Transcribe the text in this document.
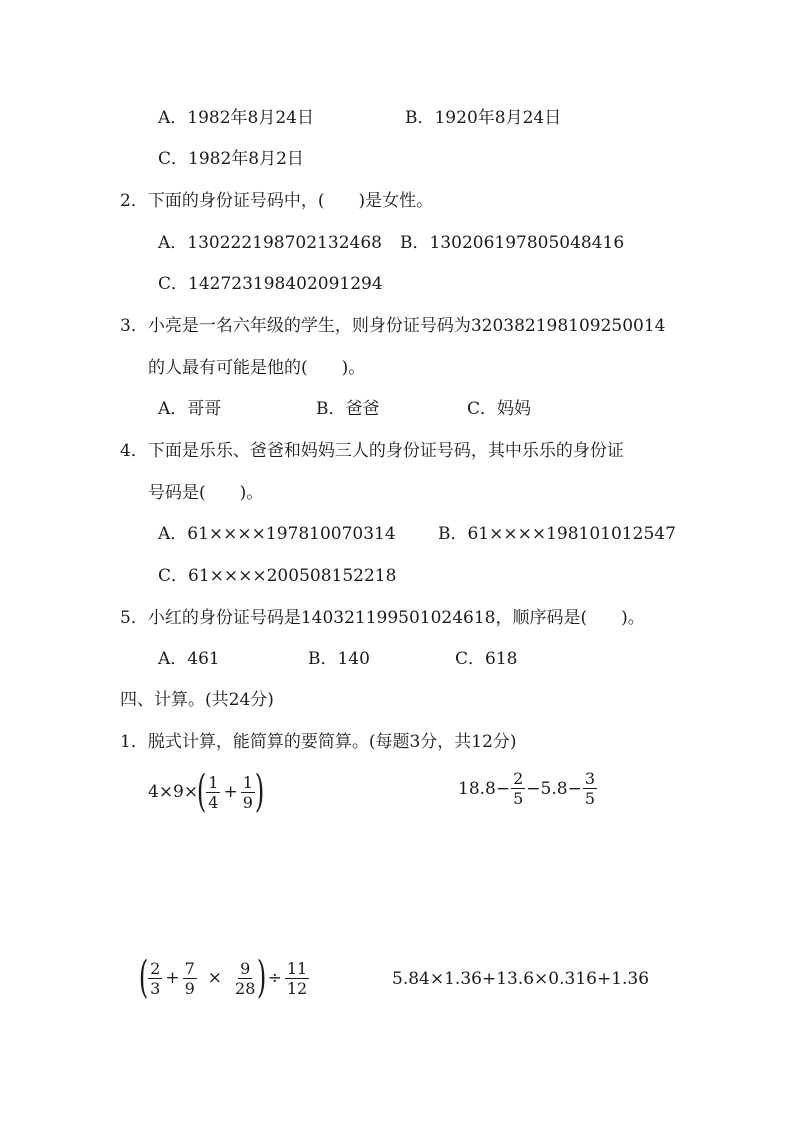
A．1982年8月24日	B．1920年8月24日
C．1982年8月2日
2．下面的身份证号码中，(　　)是女性。
A．130222198702132468 B．130206197805048416
C．142723198402091294
3．小亮是一名六年级的学生，则身份证号码为320382198109250014
的人最有可能是他的(　　)。
A．哥哥	B．爸爸	C．妈妈
4．下面是乐乐、爸爸和妈妈三人的身份证号码，其中乐乐的身份证
号码是(　　)。
A．61××××197810070314 B．61××××198101012547
C．61××××200508152218
5．小红的身份证号码是140321199501024618，顺序码是(　　)。
A．461	B．140	C．618
四、计算。(共24分)
1．脱式计算，能简算的要简算。(每题3分，共12分)
4×9×
( $\frac{1}{4} + \frac{1}{9}$ )	$18.8- \frac{2}{5} -5.8- \frac{3}{5}$
( $\frac{2}{3} + \frac{7}{9} \times \frac{9}{28}$ ) ÷ $\frac{11}{12}$	5.84×1.36+13.6×0.316+1.36
